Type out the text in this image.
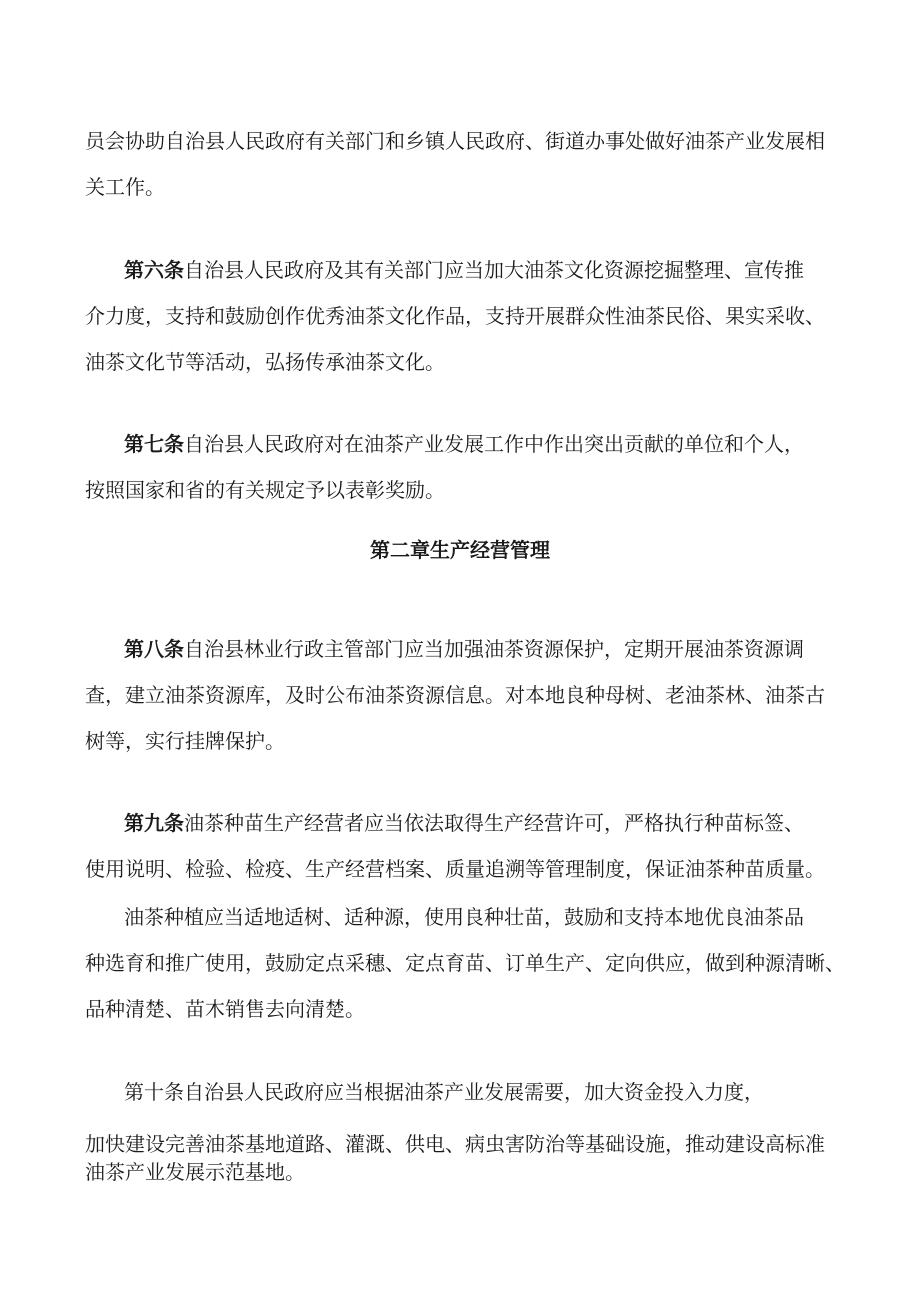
员会协助自治县人民政府有关部门和乡镇人民政府、街道办事处做好油茶产业发展相
关工作。
第六条自治县人民政府及其有关部门应当加大油茶文化资源挖掘整理、宣传推
介力度，支持和鼓励创作优秀油茶文化作品，支持开展群众性油茶民俗、果实采收、
油茶文化节等活动，弘扬传承油茶文化。
第七条自治县人民政府对在油茶产业发展工作中作出突出贡献的单位和个人，
按照国家和省的有关规定予以表彰奖励。
第二章生产经营管理
第八条自治县林业行政主管部门应当加强油茶资源保护，定期开展油茶资源调
查，建立油茶资源库，及时公布油茶资源信息。对本地良种母树、老油茶林、油茶古
树等，实行挂牌保护。
第九条油茶种苗生产经营者应当依法取得生产经营许可，严格执行种苗标签、
使用说明、检验、检疫、生产经营档案、质量追溯等管理制度，保证油茶种苗质量。
油茶种植应当适地适树、适种源，使用良种壮苗，鼓励和支持本地优良油茶品
种选育和推广使用，鼓励定点采穗、定点育苗、订单生产、定向供应，做到种源清晰、
品种清楚、苗木销售去向清楚。
第十条自治县人民政府应当根据油茶产业发展需要，加大资金投入力度，
加快建设完善油茶基地道路、灌溉、供电、病虫害防治等基础设施，推动建设高标准
油茶产业发展示范基地。
